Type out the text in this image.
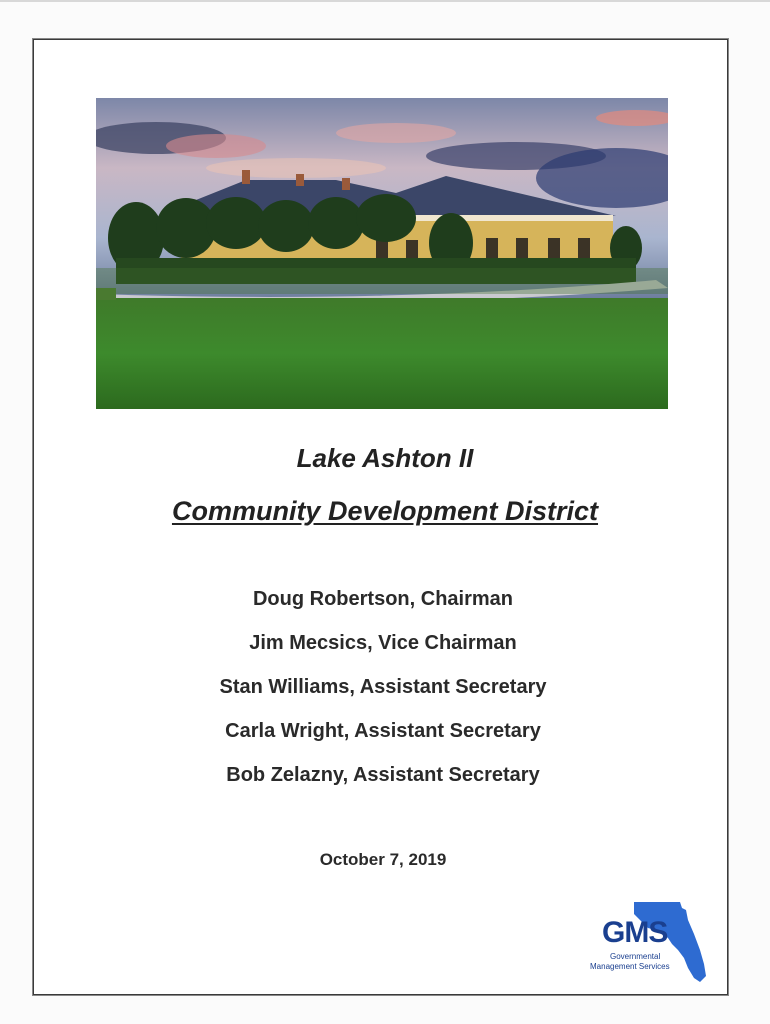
Lake Ashton II
Community Development District
Doug Robertson, Chairman
Jim Mecsics, Vice Chairman
Stan Williams, Assistant Secretary
Carla Wright, Assistant Secretary
Bob Zelazny, Assistant Secretary
October 7, 2019
GMS
Governmental
Management Services
